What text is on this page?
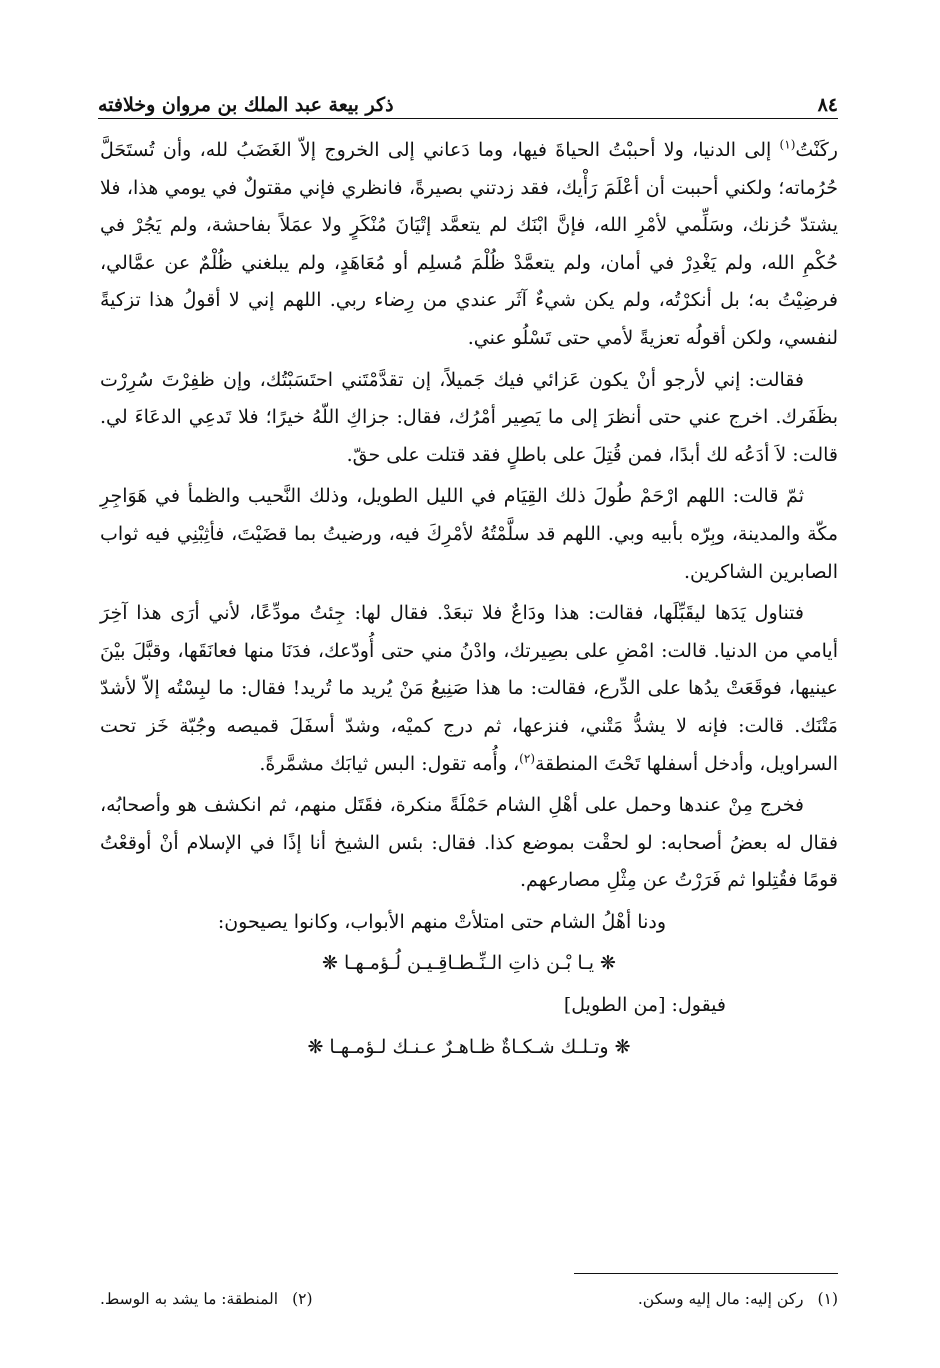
٨٤
ذكر بيعة عبد الملك بن مروان وخلافته

ركَنْتُ$^{(١)}$ إلى الدنيا، ولا أحببْتُ الحياةَ فيها، وما دَعاني إلى الخروج إلاّ الغَضَبُ لله، وأن تُستَحَلَّ حُرُماته؛ ولكني أحببت أن أعْلَمَ رَأْيك، فقد زدتني بصيرةً، فانظري فإني مقتولٌ في يومي هذا، فلا يشتدّ حُزنك، وسَلِّمي لأمْرِ الله، فإنَّ ابْنَك لم يتعمَّد إتْيَانَ مُنْكَرٍ ولا عمَلاً بفاحشة، ولم يَجُرْ في حُكْمِ الله، ولم يَغْدِرْ في أمان، ولم يتعمَّدْ ظُلْمَ مُسلِم أو مُعَاهَدٍ، ولم يبلغني ظُلْمٌ عن عمَّالي، فرضِيْتُ به؛ بل أنكرْتُه، ولم يكن شيءٌ آثَر عندي من رِضاء ربي. اللهم إني لا أقولُ هذا تزكيةً لنفسي، ولكن أقولُه تعزيةً لأمي حتى تَسْلُو عني.

فقالت: إني لأرجو أنْ يكون عَزائي فيك جَميلاً، إن تقدَّمْتَني احتَسَبْتُك، وإن ظفِرْتَ سُرِرْت بظَفَرك. اخرج عني حتى أنظرَ إلى ما يَصِير أمْرُك، فقال: جزاكِ اللّهُ خيرًا؛ فلا تَدعِي الدعَاءَ لي. قالت: لاَ أدَعُه لك أبدًا، فمن قُتِلَ على باطلٍ فقد قتلت على حقّ.

ثمّ قالت: اللهم ارْحَمْ طُولَ ذلك القِيَام في الليل الطويل، وذلك النَّحيب والظمأ في هَوَاجِرِ مكّة والمدينة، وبِرّه بأبيه وبي. اللهم قد سلَّمْتُهُ لأمْرِكَ فيه، ورضيتُ بما قضَيْتَ، فأثِبْنِي فيه ثواب الصابرين الشاكرين.

فتناول يَدَها ليقَبِّلَها، فقالت: هذا ودَاعٌ فلا تبعَدْ. فقال لها: جِئتُ مودِّعًا، لأني أرَى هذا آخِرَ أيامي من الدنيا. قالت: امْضِ على بصِيرتك، وادْنُ مني حتى أُودّعك، فدَنَا منها فعانَقَها، وقبَّلَ بيْنَ عينيها، فوقَعَتْ يدُها على الدِّرع، فقالت: ما هذا صَنِيعُ مَنْ يُريد ما تُريد! فقال: ما لبِسْتُه إلاّ لأشدّ مَتْنَك. قالت: فإنه لا يشدُّ مَتْني، فنزعها، ثم درج كميْه، وشدّ أسفَلَ قميصه وجُبّة خَز تحت السراويل، وأدخل أسفلها تَحْتَ المنطقة$^{(٢)}$، وأُمه تقول: البس ثيابَك مشمَّرةً.

فخرج مِنْ عندها وحمل على أهْلِ الشام حَمْلَةً منكرة، فقَتَل منهم، ثم انكشف هو وأصحابُه، فقال له بعضُ أصحابه: لو لحقْت بموضع كذا. فقال: بئس الشيخ أنا إذًا في الإسلام أنْ أوقعْتُ قومًا فقُتِلوا ثم فَرَرْتُ عن مِثْلِ مصارعهم.

ودنا أهْلُ الشام حتى امتلأتْ منهم الأبواب، وكانوا يصيحون:

❋ يـا بْـن ذاتِ الـنِّـطـاقِـيـن لُـؤمـهـا ❋

فيقول: [من الطويل]

❋ وتـلـك شـكـاةٌ ظـاهـرٌ عـنـك لـؤمـهـا ❋

(١)ركن إليه: مال إليه وسكن.
(٢)المنطقة: ما يشد به الوسط.
